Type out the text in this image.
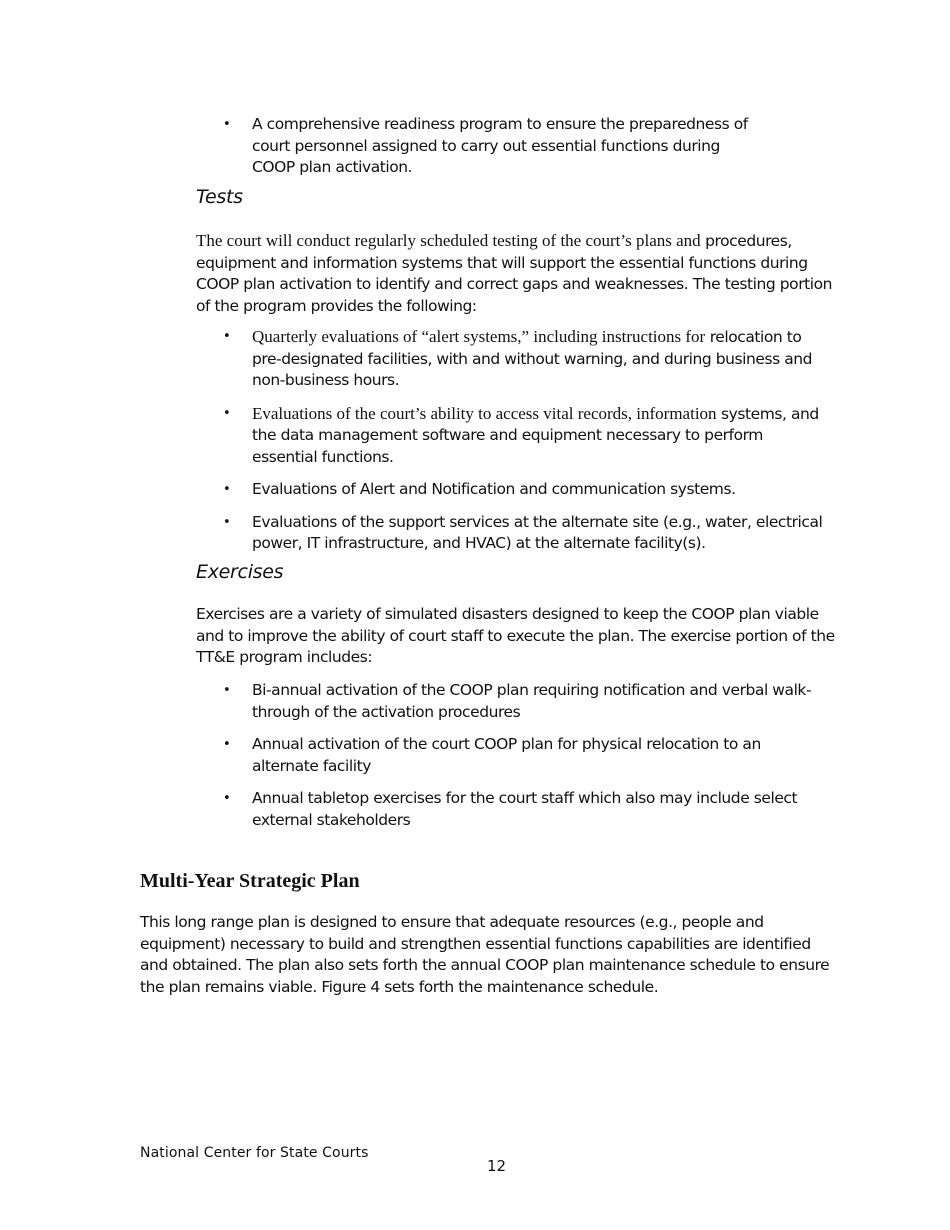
• A comprehensive readiness program to ensure the preparedness of court personnel assigned to carry out essential functions during COOP plan activation.
Tests

The court will conduct regularly scheduled testing of the court’s plans and procedures, equipment and information systems that will support the essential functions during COOP plan activation to identify and correct gaps and weaknesses. The testing portion of the program provides the following:

• Quarterly evaluations of “alert systems,” including instructions for relocation to pre-designated facilities, with and without warning, and during business and non-business hours.
• Evaluations of the court’s ability to access vital records, information systems, and the data management software and equipment necessary to perform essential functions.
• Evaluations of Alert and Notification and communication systems.
• Evaluations of the support services at the alternate site (e.g., water, electrical power, IT infrastructure, and HVAC) at the alternate facility(s).
Exercises

Exercises are a variety of simulated disasters designed to keep the COOP plan viable and to improve the ability of court staff to execute the plan. The exercise portion of the TT&E program includes:

• Bi-annual activation of the COOP plan requiring notification and verbal walk-through of the activation procedures
• Annual activation of the court COOP plan for physical relocation to an alternate facility
• Annual tabletop exercises for the court staff which also may include select external stakeholders
Multi-Year Strategic Plan

This long range plan is designed to ensure that adequate resources (e.g., people and equipment) necessary to build and strengthen essential functions capabilities are identified and obtained. The plan also sets forth the annual COOP plan maintenance schedule to ensure the plan remains viable. Figure 4 sets forth the maintenance schedule.

National Center for State Courts
12
